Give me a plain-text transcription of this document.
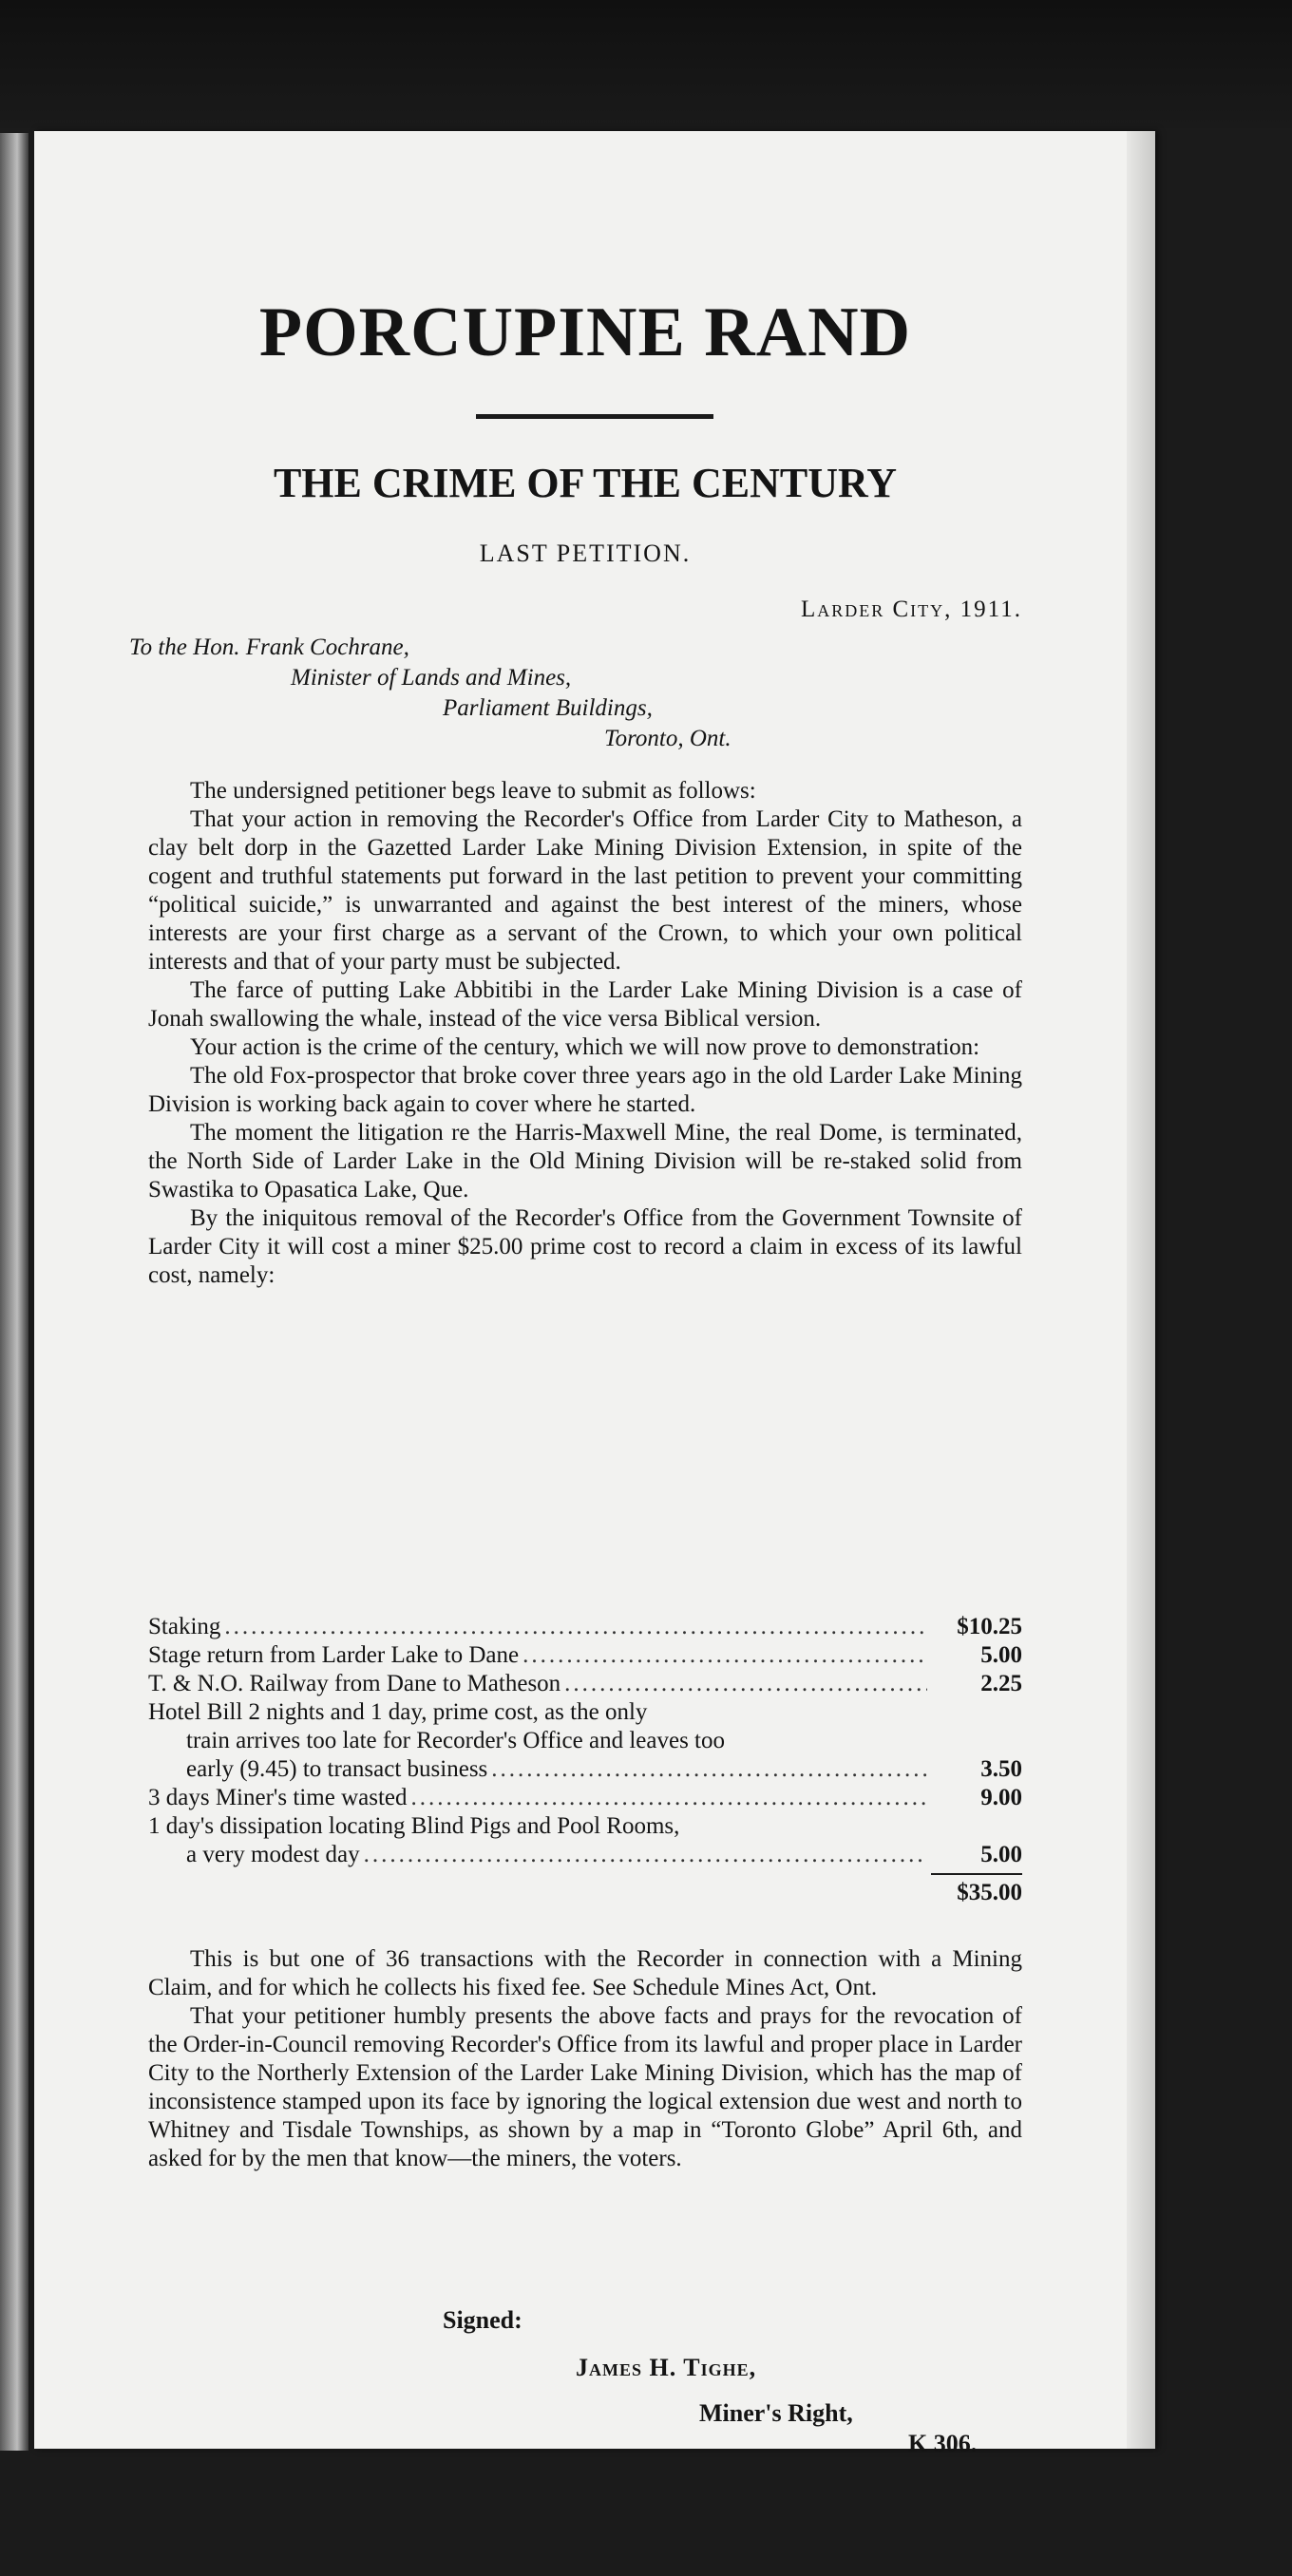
PORCUPINE RAND
THE CRIME OF THE CENTURY
LAST PETITION.
Larder City, 1911.
To the Hon. Frank Cochrane,
Minister of Lands and Mines,
Parliament Buildings,
Toronto, Ont.

The undersigned petitioner begs leave to submit as follows:

That your action in removing the Recorder's Office from Larder City to Matheson, a clay belt dorp in the Gazetted Larder Lake Mining Division Extension, in spite of the cogent and truthful statements put forward in the last petition to prevent your committing “political suicide,” is unwarranted and against the best interest of the miners, whose interests are your first charge as a servant of the Crown, to which your own political interests and that of your party must be subjected.

The farce of putting Lake Abbitibi in the Larder Lake Mining Division is a case of Jonah swallowing the whale, instead of the vice versa Biblical version.

Your action is the crime of the century, which we will now prove to demonstration:

The old Fox-prospector that broke cover three years ago in the old Larder Lake Mining Division is working back again to cover where he started.

The moment the litigation re the Harris-Maxwell Mine, the real Dome, is terminated, the North Side of Larder Lake in the Old Mining Division will be re-staked solid from Swastika to Opasatica Lake, Que.

By the iniquitous removal of the Recorder's Office from the Government Townsite of Larder City it will cost a miner $25.00 prime cost to record a claim in excess of its lawful cost, namely:

Staking .....	$10.25
Stage return from Larder Lake to Dane .....	5.00
T. & N.O. Railway from Dane to Matheson .....	2.25
Hotel Bill 2 nights and 1 day, prime cost, as the only
train arrives too late for Recorder's Office and leaves too
early (9.45) to transact business .....	3.50
3 days Miner's time wasted .....	9.00
1 day's dissipation locating Blind Pigs and Pool Rooms,
a very modest day .....	5.00
$35.00

This is but one of 36 transactions with the Recorder in connection with a Mining Claim, and for which he collects his fixed fee. See Schedule Mines Act, Ont.

That your petitioner humbly presents the above facts and prays for the revocation of the Order-in-Council removing Recorder's Office from its lawful and proper place in Larder City to the Northerly Extension of the Larder Lake Mining Division, which has the map of inconsistence stamped upon its face by ignoring the logical extension due west and north to Whitney and Tisdale Townships, as shown by a map in “Toronto Globe” April 6th, and asked for by the men that know—the miners, the voters.

Signed:
James H. Tighe,
Miner's Right,
K 306.
